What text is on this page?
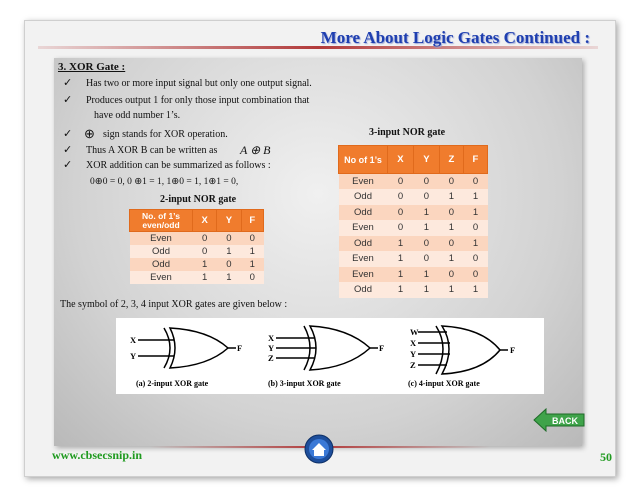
More About Logic Gates Continued :
3. XOR Gate :
✓ Has two or more input signal but only one output signal.
✓ Produces output 1 for only those input combination that
have odd number 1’s.
✓ ⊕ sign stands for XOR operation.
✓ Thus A XOR B can be written as A ⊕ B
✓ XOR addition can be summarized as follows :
0⊕0 = 0, 0 ⊕1 = 1, 1⊕0 = 1, 1⊕1 = 0,
2-input NOR gate
No. of 1’s even/odd	X	Y	F
Even	0	0	0
Odd	0	1	1
Odd	1	0	1
Even	1	1	0
3-input NOR gate
No of 1’s	X	Y	Z	F
Even	0	0	0	0
Odd	0	0	1	1
Odd	0	1	0	1
Even	0	1	1	0
Odd	1	0	0	1
Even	1	0	1	0
Even	1	1	0	0
Odd	1	1	1	1
The symbol of 2, 3, 4 input XOR gates are given below :
X
Y
F
(a) 2-input XOR gate
X
Y
Z
F
(b) 3-input XOR gate
W
X
Y
Z
F
(c) 4-input XOR gate
BACK
www.cbsecsnip.in	50
